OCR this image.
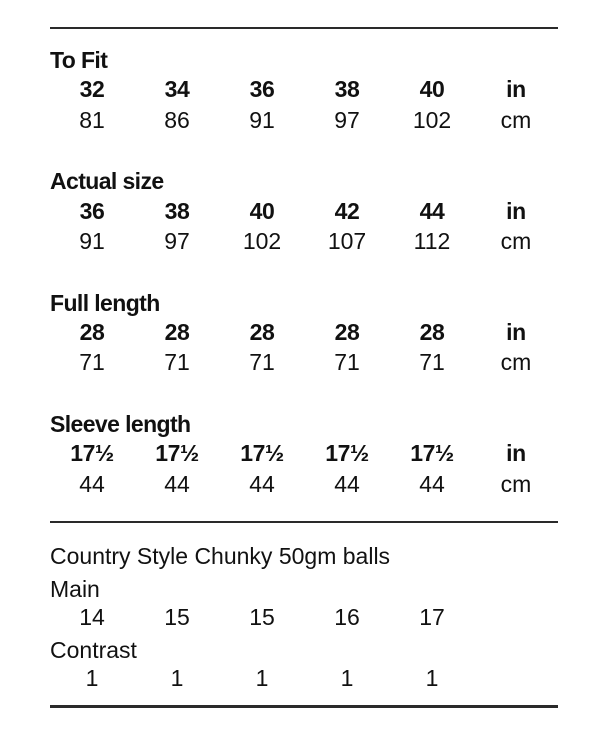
To Fit
32	34	36	38	40	in
81	86	91	97	102	cm
Actual size
36	38	40	42	44	in
91	97	102	107	112	cm
Full length
28	28	28	28	28	in
71	71	71	71	71	cm
Sleeve length
17½	17½	17½	17½	17½	in
44	44	44	44	44	cm
Country Style Chunky 50gm balls
Main
14	15	15	16	17
Contrast
1	1	1	1	1
